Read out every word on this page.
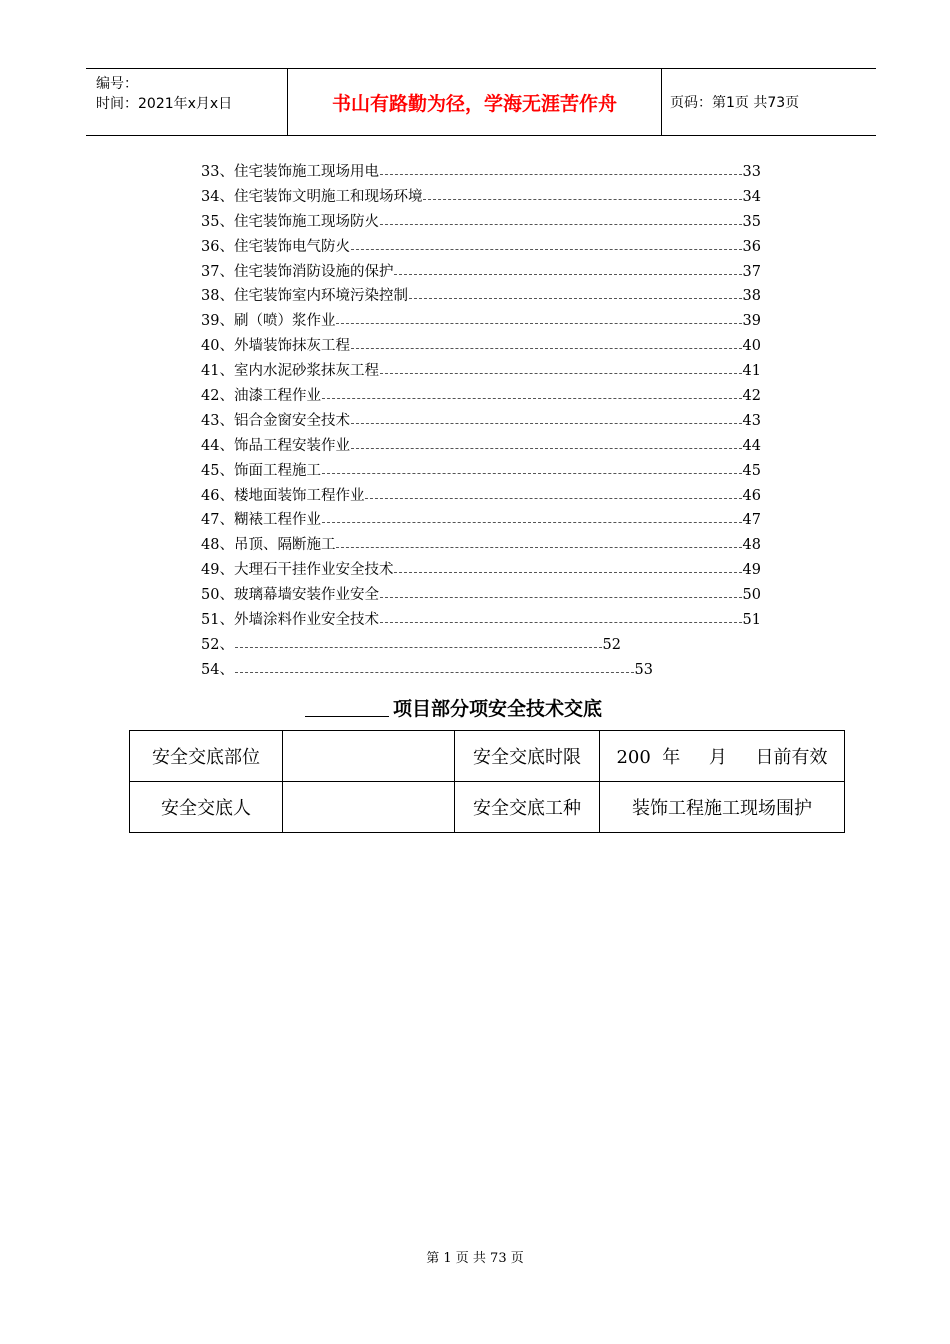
编号：
时间：2021年x月x日	书山有路勤为径，学海无涯苦作舟	页码：第1页 共73页
33、 住宅装饰施工现场用电	33
34、 住宅装饰文明施工和现场环境	34
35、 住宅装饰施工现场防火	35
36、 住宅装饰电气防火	36
37、 住宅装饰消防设施的保护	37
38、 住宅装饰室内环境污染控制	38
39、 刷（喷）浆作业	39
40、 外墙装饰抹灰工程	40
41、 室内水泥砂浆抹灰工程	41
42、 油漆工程作业	42
43、 铝合金窗安全技术	43
44、 饰品工程安装作业	44
45、 饰面工程施工	45
46、 楼地面装饰工程作业	46
47、 糊裱工程作业	47
48、 吊顶、隔断施工	48
49、 大理石干挂作业安全技术	49
50、 玻璃幕墙安装作业安全	50
51、 外墙涂料作业安全技术	51
52、	52
54、	53
项目部分项安全技术交底
安全交底部位		安全交底时限	200  年     月     日前有效
安全交底人		安全交底工种	装饰工程施工现场围护
第 1 页 共 73 页
